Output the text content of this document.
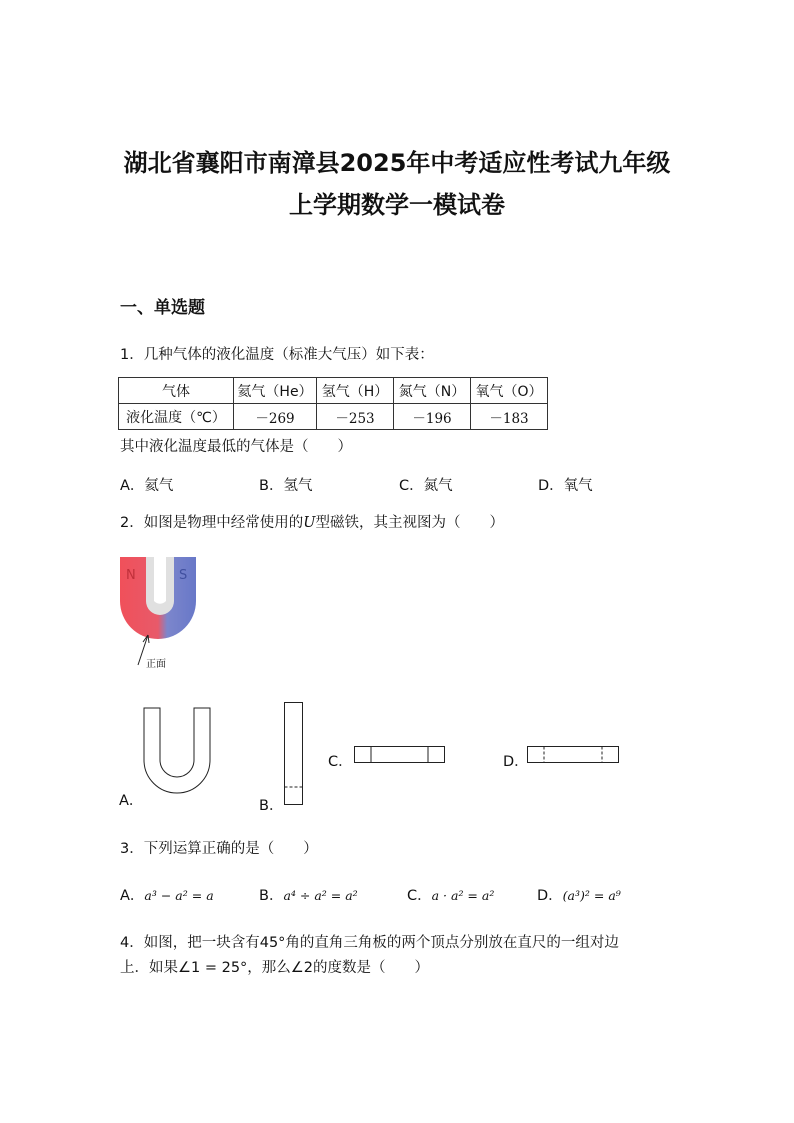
湖北省襄阳市南漳县2025年中考适应性考试九年级
上学期数学一模试卷
一、单选题
1．几种气体的液化温度（标准大气压）如下表：
气体	氦气（He）	氢气（H）	氮气（N）	氧气（O）
液化温度（℃）	－269	－253	－196	－183
其中液化温度最低的气体是（　　）
A．氦气	B．氢气	C．氮气	D．氧气
2．如图是物理中经常使用的U型磁铁，其主视图为（　　）
N	S
正面
A．	B．
C．	D．
3．下列运算正确的是（　　）
A．a³ − a² = a	B．a⁴ ÷ a² = a²	C．a · a² = a²	D．(a³)² = a⁹
4．如图，把一块含有45°角的直角三角板的两个顶点分别放在直尺的一组对边
上．如果∠1 = 25°，那么∠2的度数是（　　）
